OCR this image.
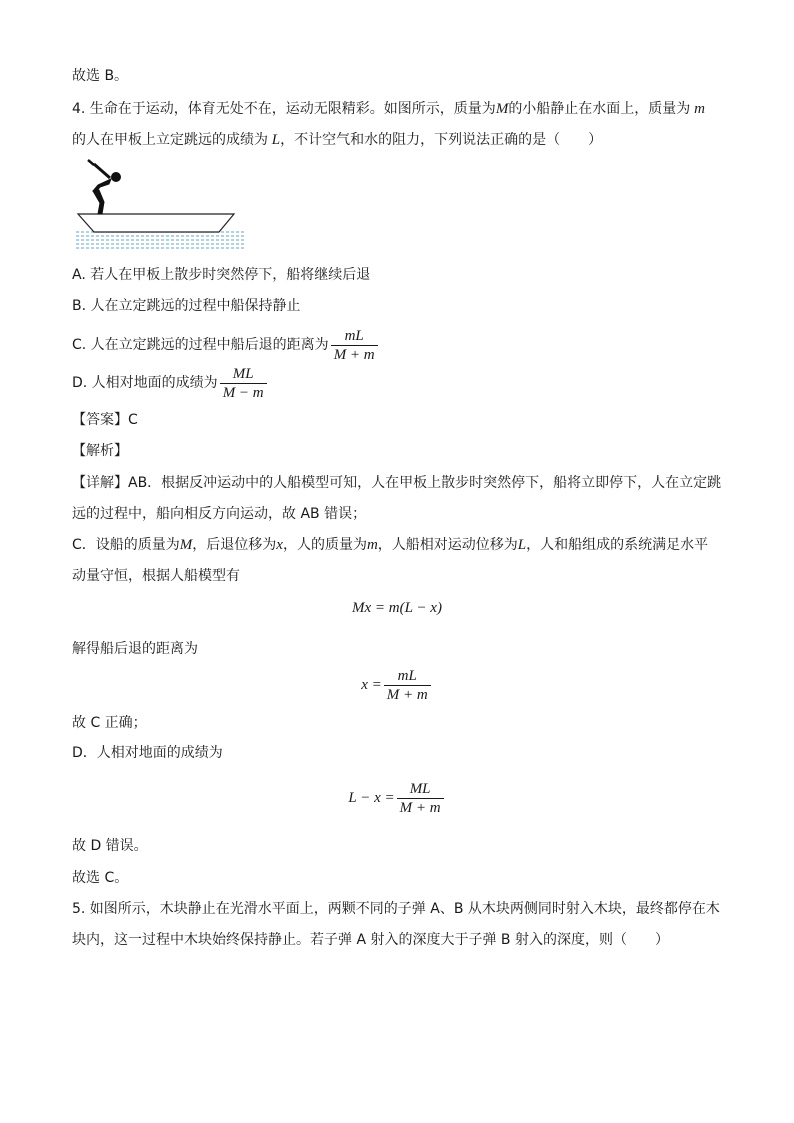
故选 B。
4. 生命在于运动，体育无处不在，运动无限精彩。如图所示，质量为M的小船静止在水面上，质量为 m
的人在甲板上立定跳远的成绩为 L，不计空气和水的阻力，下列说法正确的是（　　）
A. 若人在甲板上散步时突然停下，船将继续后退
B. 人在立定跳远的过程中船保持静止
C. 人在立定跳远的过程中船后退的距离为 $\frac{mL}{M + m}$
D. 人相对地面的成绩为 $\frac{ML}{M - m}$
【答案】C
【解析】
【详解】AB．根据反冲运动中的人船模型可知，人在甲板上散步时突然停下，船将立即停下，人在立定跳
远的过程中，船向相反方向运动，故 AB 错误；
C．设船的质量为M，后退位移为x，人的质量为m，人船相对运动位移为L，人和船组成的系统满足水平
动量守恒，根据人船模型有
Mx = m(L − x)
解得船后退的距离为
$x = \frac{mL}{M + m}$
故 C 正确；
D．人相对地面的成绩为
$L - x = \frac{ML}{M + m}$
故 D 错误。
故选 C。
5. 如图所示，木块静止在光滑水平面上，两颗不同的子弹 A、B 从木块两侧同时射入木块，最终都停在木
块内，这一过程中木块始终保持静止。若子弹 A 射入的深度大于子弹 B 射入的深度，则（　　）
